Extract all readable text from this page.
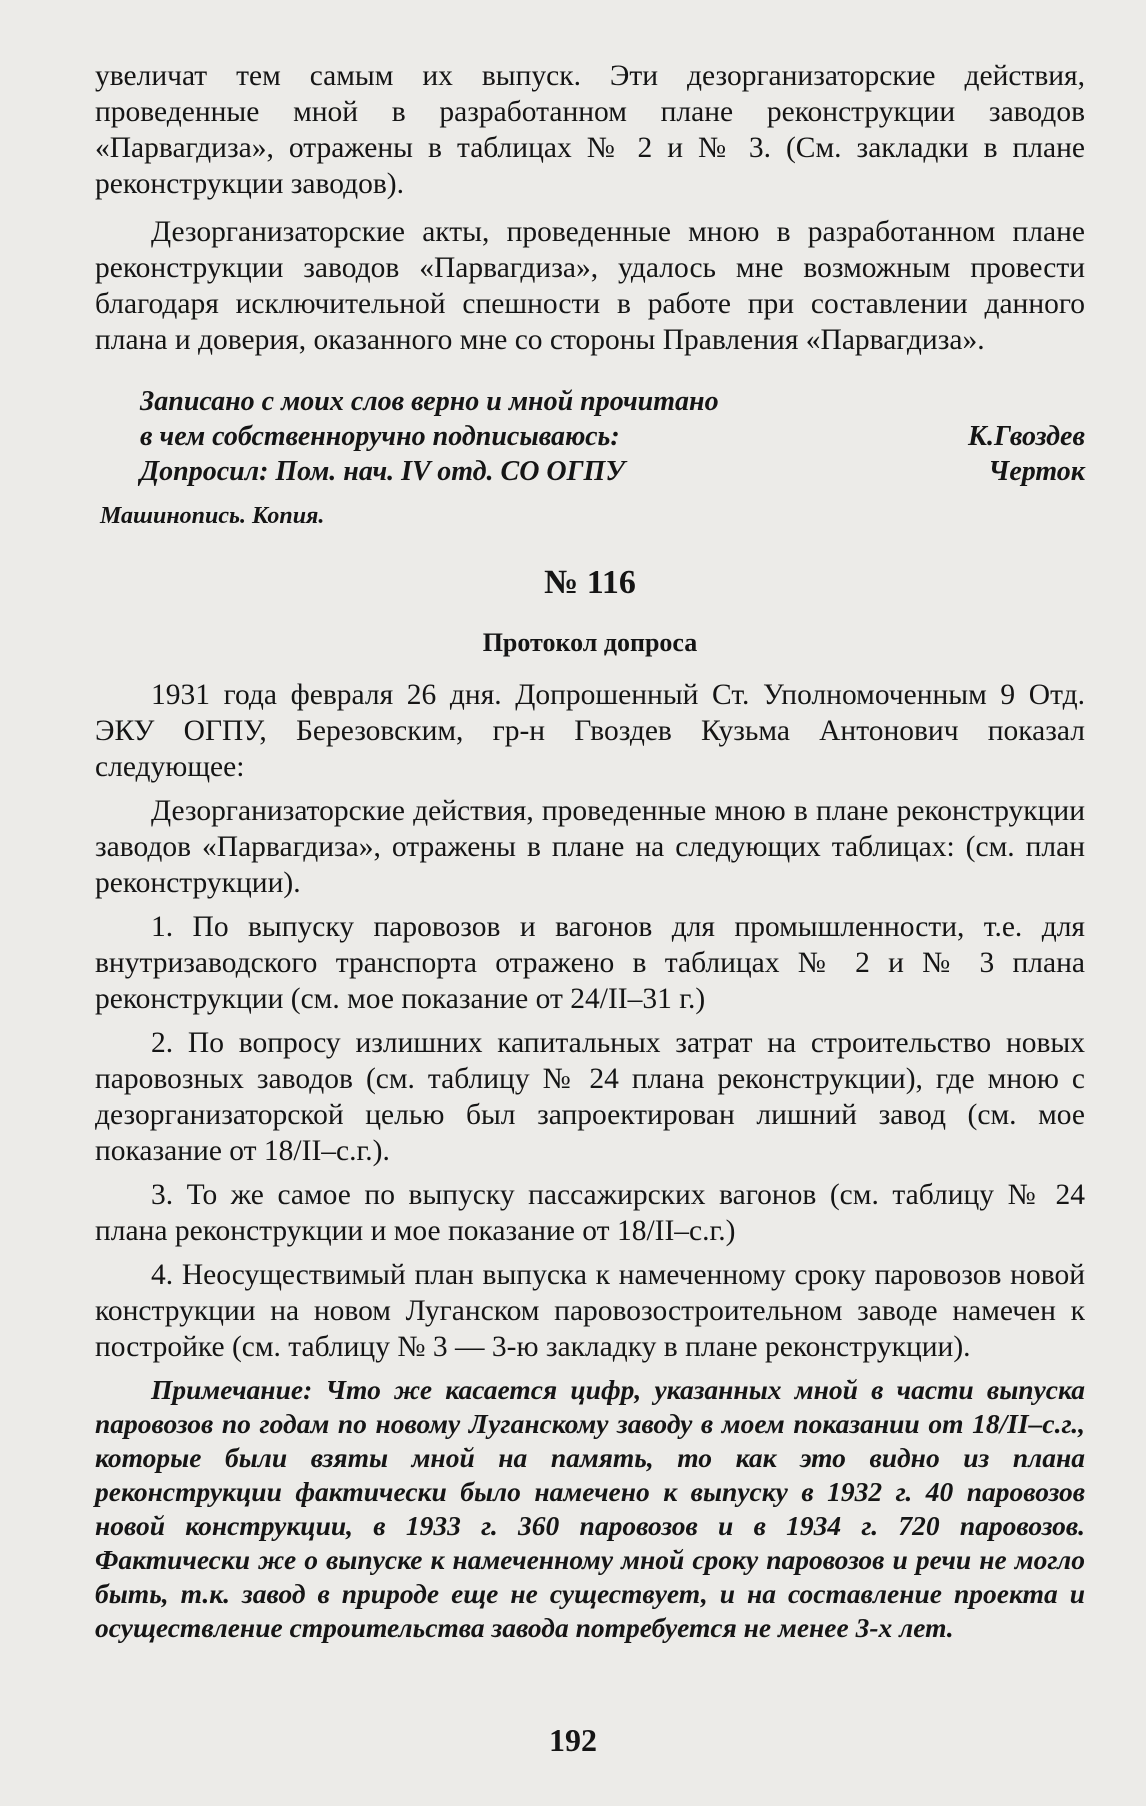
увеличат тем самым их выпуск. Эти дезорганизаторские действия, проведенные мной в разработанном плане реконструкции заводов «Парвагдиза», отражены в таблицах № 2 и № 3. (См. закладки в плане реконструкции заводов).

Дезорганизаторские акты, проведенные мною в разработанном плане реконструкции заводов «Парвагдиза», удалось мне возможным провести благодаря исключительной спешности в работе при составлении данного плана и доверия, оказанного мне со стороны Правления «Парвагдиза».

Записано с моих слов верно и мной прочитано
в чем собственноручно подписываюсь:	К.Гвоздев
Допросил: Пом. нач. IV отд. СО ОГПУ	Черток
Машинопись. Копия.
№ 116
Протокол допроса

1931 года февраля 26 дня. Допрошенный Ст. Уполномоченным 9 Отд. ЭКУ ОГПУ, Березовским, гр-н Гвоздев Кузьма Антонович показал следующее:

Дезорганизаторские действия, проведенные мною в плане реконструкции заводов «Парвагдиза», отражены в плане на следующих таблицах: (см. план реконструкции).

1. По выпуску паровозов и вагонов для промышленности, т.е. для внутризаводского транспорта отражено в таблицах № 2 и № 3 плана реконструкции (см. мое показание от 24/II–31 г.)

2. По вопросу излишних капитальных затрат на строительство новых паровозных заводов (см. таблицу № 24 плана реконструкции), где мною с дезорганизаторской целью был запроектирован лишний завод (см. мое показание от 18/II–с.г.).

3. То же самое по выпуску пассажирских вагонов (см. таблицу № 24 плана реконструкции и мое показание от 18/II–с.г.)

4. Неосуществимый план выпуска к намеченному сроку паровозов новой конструкции на новом Луганском паровозостроительном заводе намечен к постройке (см. таблицу № 3 — 3-ю закладку в плане реконструкции).

Примечание: Что же касается цифр, указанных мной в части выпуска паровозов по годам по новому Луганскому заводу в моем показании от 18/II–с.г., которые были взяты мной на память, то как это видно из плана реконструкции фактически было намечено к выпуску в 1932 г. 40 паровозов новой конструкции, в 1933 г. 360 паровозов и в 1934 г. 720 паровозов. Фактически же о выпуске к намеченному мной сроку паровозов и речи не могло быть, т.к. завод в природе еще не существует, и на составление проекта и осуществление строительства завода потребуется не менее 3-х лет.

192
